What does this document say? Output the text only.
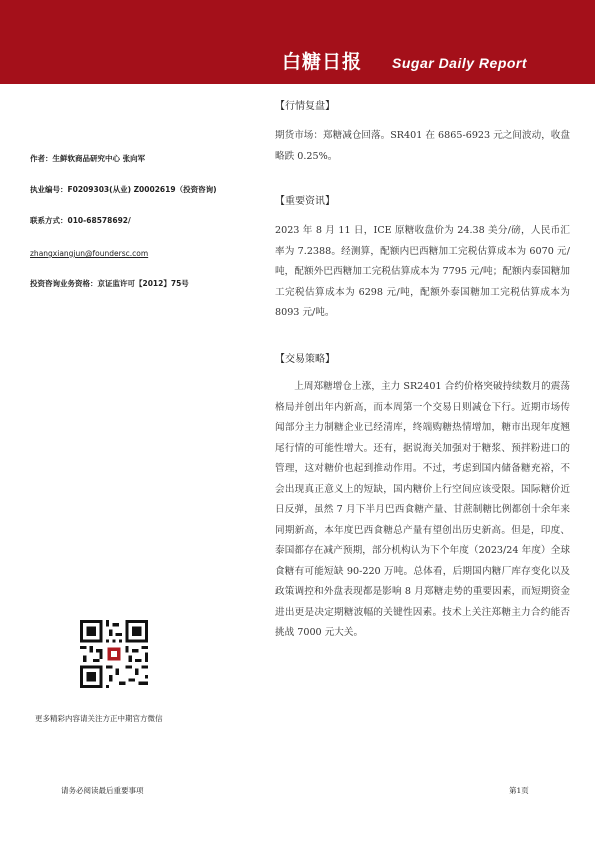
白糖日报 Sugar Daily Report
作者：生鲜软商品研究中心 张向军
执业编号：F0209303(从业) Z0002619（投资咨询)
联系方式：010-68578692/
zhangxiangjun@foundersc.com
投资咨询业务资格：京证监许可【2012】75号
【行情复盘】

期货市场：郑糖减仓回落。SR401 在 6865-6923 元之间波动，收盘略跌 0.25%。

【重要资讯】

2023 年 8 月 11 日，ICE 原糖收盘价为 24.38 美分/磅，人民币汇率为 7.2388。经测算，配额内巴西糖加工完税估算成本为 6070 元/吨，配额外巴西糖加工完税估算成本为 7795 元/吨；配额内泰国糖加工完税估算成本为 6298 元/吨，配额外泰国糖加工完税估算成本为 8093 元/吨。

【交易策略】

上周郑糖增仓上涨，主力 SR2401 合约价格突破持续数月的震荡格局并创出年内新高，而本周第一个交易日则减仓下行。近期市场传闻部分主力制糖企业已经清库，终端购糖热情增加，糖市出现年度翘尾行情的可能性增大。还有，据说海关加强对于糖浆、预拌粉进口的管理，这对糖价也起到推动作用。不过，考虑到国内储备糖充裕，不会出现真正意义上的短缺，国内糖价上行空间应该受限。国际糖价近日反弹，虽然 7 月下半月巴西食糖产量、甘蔗制糖比例都创十余年来同期新高，本年度巴西食糖总产量有望创出历史新高。但是，印度、泰国都存在减产预期，部分机构认为下个年度（2023/24 年度）全球食糖有可能短缺 90-220 万吨。总体看，后期国内糖厂库存变化以及政策调控和外盘表现都是影响 8 月郑糖走势的重要因素，而短期资金进出更是决定期糖波幅的关键性因素。技术上关注郑糖主力合约能否挑战 7000 元大关。

更多精彩内容请关注方正中期官方微信
请务必阅读最后重要事项	第1页
